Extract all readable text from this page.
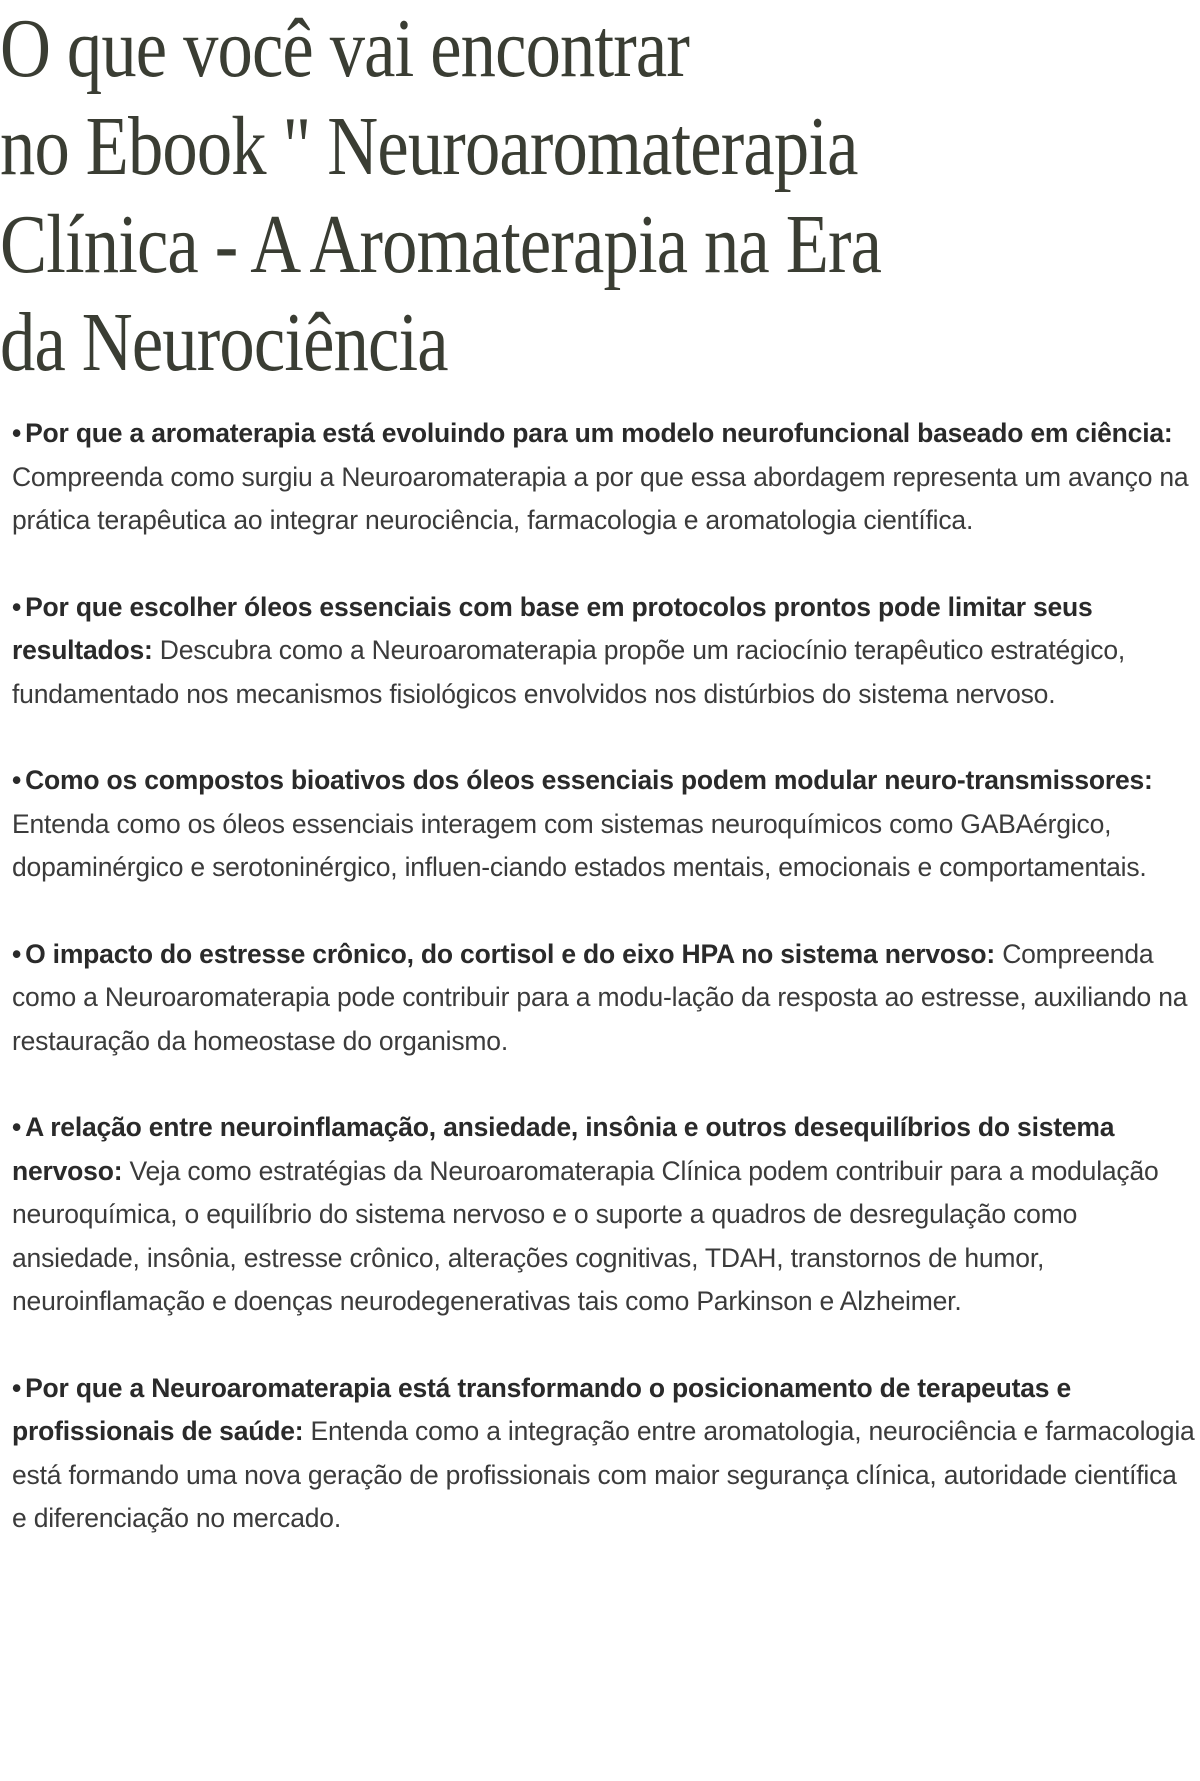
O que você vai encontrar
no Ebook " Neuroaromaterapia
Clínica - A Aromaterapia na Era
da Neurociência
• Por que a aromaterapia está evoluindo para um modelo neurofuncional baseado em ciência: Compreenda como surgiu a Neuroaromaterapia a por que essa abordagem representa um avanço na prática terapêutica ao integrar neurociência, farmacologia e aromatologia científica.
• Por que escolher óleos essenciais com base em protocolos prontos pode limitar seus resultados: Descubra como a Neuroaromaterapia propõe um raciocínio terapêutico estratégico, fundamentado nos mecanismos fisiológicos envolvidos nos distúrbios do sistema nervoso.
• Como os compostos bioativos dos óleos essenciais podem modular neuro-transmissores: Entenda como os óleos essenciais interagem com sistemas neuroquímicos como GABAérgico, dopaminérgico e serotoninérgico, influen-ciando estados mentais, emocionais e comportamentais.
• O impacto do estresse crônico, do cortisol e do eixo HPA no sistema nervoso: Compreenda como a Neuroaromaterapia pode contribuir para a modu-lação da resposta ao estresse, auxiliando na restauração da homeostase do organismo.
• A relação entre neuroinflamação, ansiedade, insônia e outros desequilíbrios do sistema nervoso: Veja como estratégias da Neuroaromaterapia Clínica podem contribuir para a modulação neuroquímica, o equilíbrio do sistema nervoso e o suporte a quadros de desregulação como ansiedade, insônia, estresse crônico, alterações cognitivas, TDAH, transtornos de humor, neuroinflamação e doenças neurodegenerativas tais como Parkinson e Alzheimer.
• Por que a Neuroaromaterapia está transformando o posicionamento de terapeutas e profissionais de saúde: Entenda como a integração entre aromatologia, neurociência e farmacologia está formando uma nova geração de profissionais com maior segurança clínica, autoridade científica e diferenciação no mercado.
